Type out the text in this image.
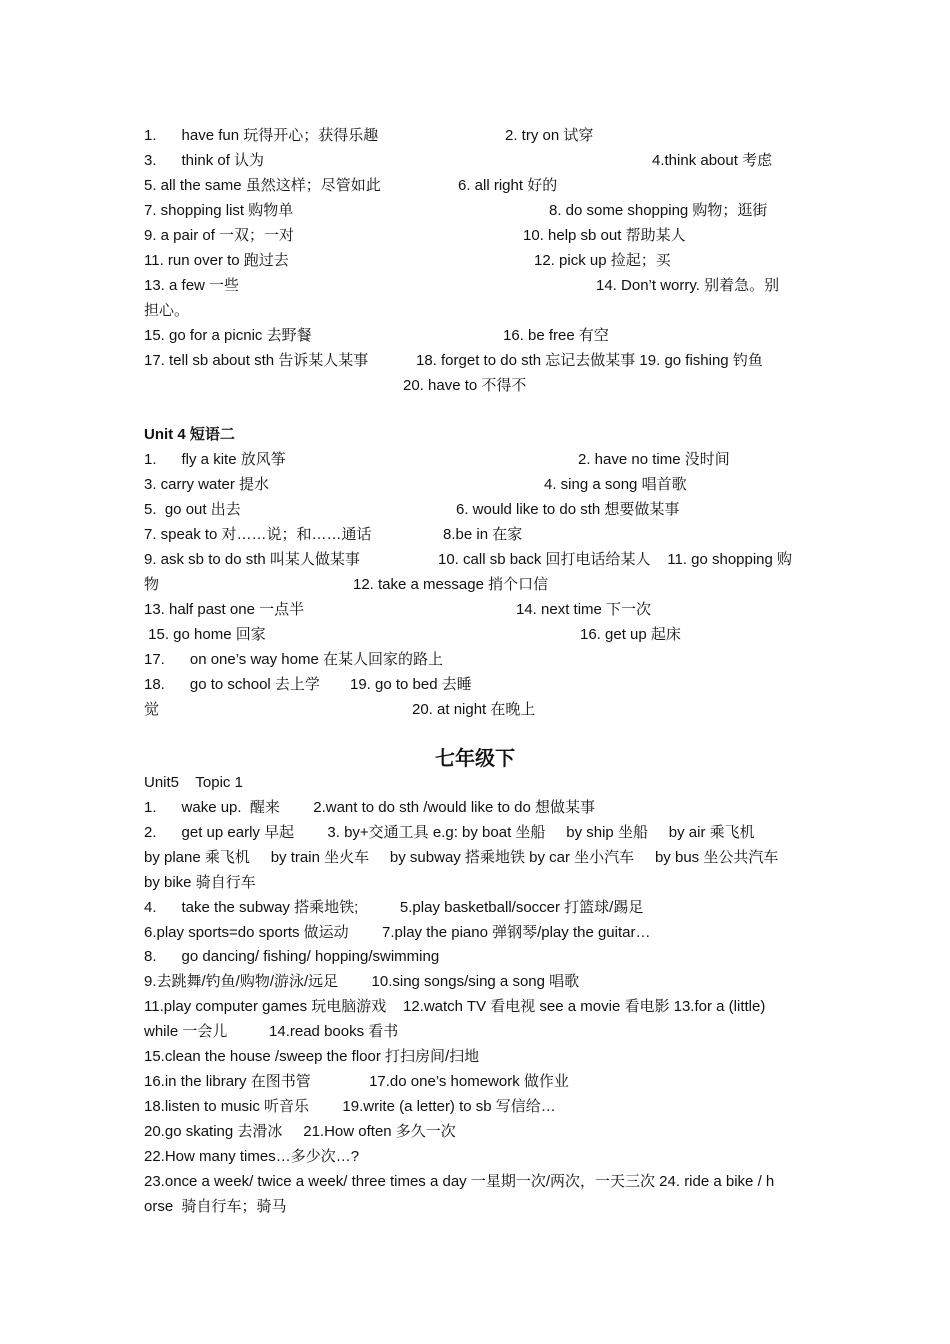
1.      have fun 玩得开心；获得乐趣	2. try on 试穿
3.      think of 认为	4.think about 考虑
5. all the same 虽然这样；尽管如此	6. all right 好的
7. shopping list 购物单	8. do some shopping 购物；逛街
9. a pair of 一双；一对	10. help sb out 帮助某人
11. run over to 跑过去	12. pick up 捡起；买
13. a few 一些	14. Don’t worry. 别着急。别
担心。
15. go for a picnic 去野餐	16. be free 有空
17. tell sb about sth 告诉某人某事	18. forget to do sth 忘记去做某事 19. go fishing 钓鱼
20. have to 不得不
Unit 4 短语二
1.      fly a kite 放风筝	2. have no time 没时间
3. carry water 提水	4. sing a song 唱首歌
5.  go out 出去	6. would like to do sth 想要做某事
7. speak to 对……说；和……通话	8.be in 在家
9. ask sb to do sth 叫某人做某事	10. call sb back 回打电话给某人    11. go shopping 购
物	12. take a message 捎个口信
13. half past one 一点半	14. next time 下一次
15. go home 回家	16. get up 起床
17.      on one’s way home 在某人回家的路上
18.      go to school 去上学 19. go to bed 去睡
觉	20. at night 在晚上
七年级下
Unit5    Topic 1
1.      wake up.  醒来        2.want to do sth /would like to do 想做某事
2.      get up early 早起        3. by+交通工具 e.g: by boat 坐船     by ship 坐船     by air 乘飞机
by plane 乘飞机     by train 坐火车     by subway 搭乘地铁 by car 坐小汽车     by bus 坐公共汽车
by bike 骑自行车
4.      take the subway 搭乘地铁;          5.play basketball/soccer 打篮球/踢足
6.play sports=do sports 做运动        7.play the piano 弹钢琴/play the guitar…
8.      go dancing/ fishing/ hopping/swimming
9.去跳舞/钓鱼/购物/游泳/远足        10.sing songs/sing a song 唱歌
11.play computer games 玩电脑游戏    12.watch TV 看电视 see a movie 看电影 13.for a (little)
while 一会儿          14.read books 看书
15.clean the house /sweep the floor 打扫房间/扫地
16.in the library 在图书管              17.do one’s homework 做作业
18.listen to music 听音乐        19.write (a letter) to sb 写信给…
20.go skating 去滑冰     21.How often 多久一次
22.How many times…多少次…?
23.once a week/ twice a week/ three times a day 一星期一次/两次，一天三次 24. ride a bike / h
orse  骑自行车；骑马
